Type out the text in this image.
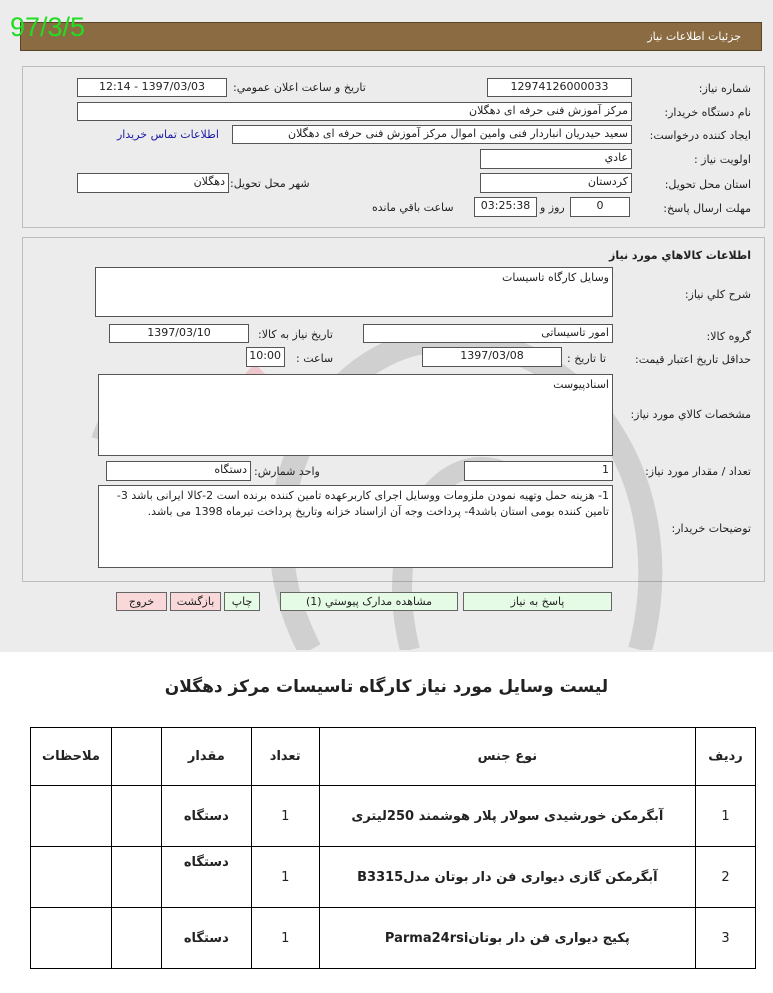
جزئيات اطلاعات نياز
97/3/5
شماره نياز:
12974126000033
تاريخ و ساعت اعلان عمومي:
1397/03/03 - 12:14
نام دستگاه خريدار:
مرکز آموزش فنی حرفه ای دهگلان
ايجاد کننده درخواست:
سعيد حيدريان انباردار فنی وامین اموال مرکز آموزش فنی حرفه ای دهگلان
اطلاعات تماس خريدار
اولويت نياز :
عادي
استان محل تحويل:
کردستان
شهر محل تحويل:
دهگلان
مهلت ارسال پاسخ:
0
روز و
03:25:38
ساعت باقي مانده
اطلاعات کالاهاي مورد نياز
شرح کلي نياز:
وسایل کارگاه تاسیسات
گروه کالا:
امور تاسیساتی
تاريخ نياز به کالا:
1397/03/10
حداقل تاريخ اعتبار قيمت:
تا تاريخ :
1397/03/08
ساعت :
10:00
مشخصات کالاي مورد نياز:
اسنادپیوست
تعداد / مقدار مورد نياز:
1
واحد شمارش:
دستگاه
توضيحات خريدار:
1- هزینه حمل وتهیه نمودن ملزومات ووسایل اجرای کاربرعهده تامین کننده برنده است 2-کالا ایرانی باشد 3-تامین کننده بومی استان باشد4- پرداخت وجه آن ازاسناد خزانه وتاریخ پرداخت تیرماه 1398 می باشد.
پاسخ به نياز
مشاهده مدارک پيوستي (1)
چاپ
بازگشت
خروج
لیست وسایل مورد نیاز کارگاه تاسیسات مرکز دهگلان
ردیف	نوع جنس	تعداد	مقدار		ملاحظات
1	آبگرمکن خورشیدی سولار پلار هوشمند 250لیتری	1	دستگاه		
2	آبگرمکن گازی دیواری فن دار بوتان مدلB3315	1	دستگاه		
3	پکیج دیواری فن دار بوتانParma24rsi	1	دستگاه		
